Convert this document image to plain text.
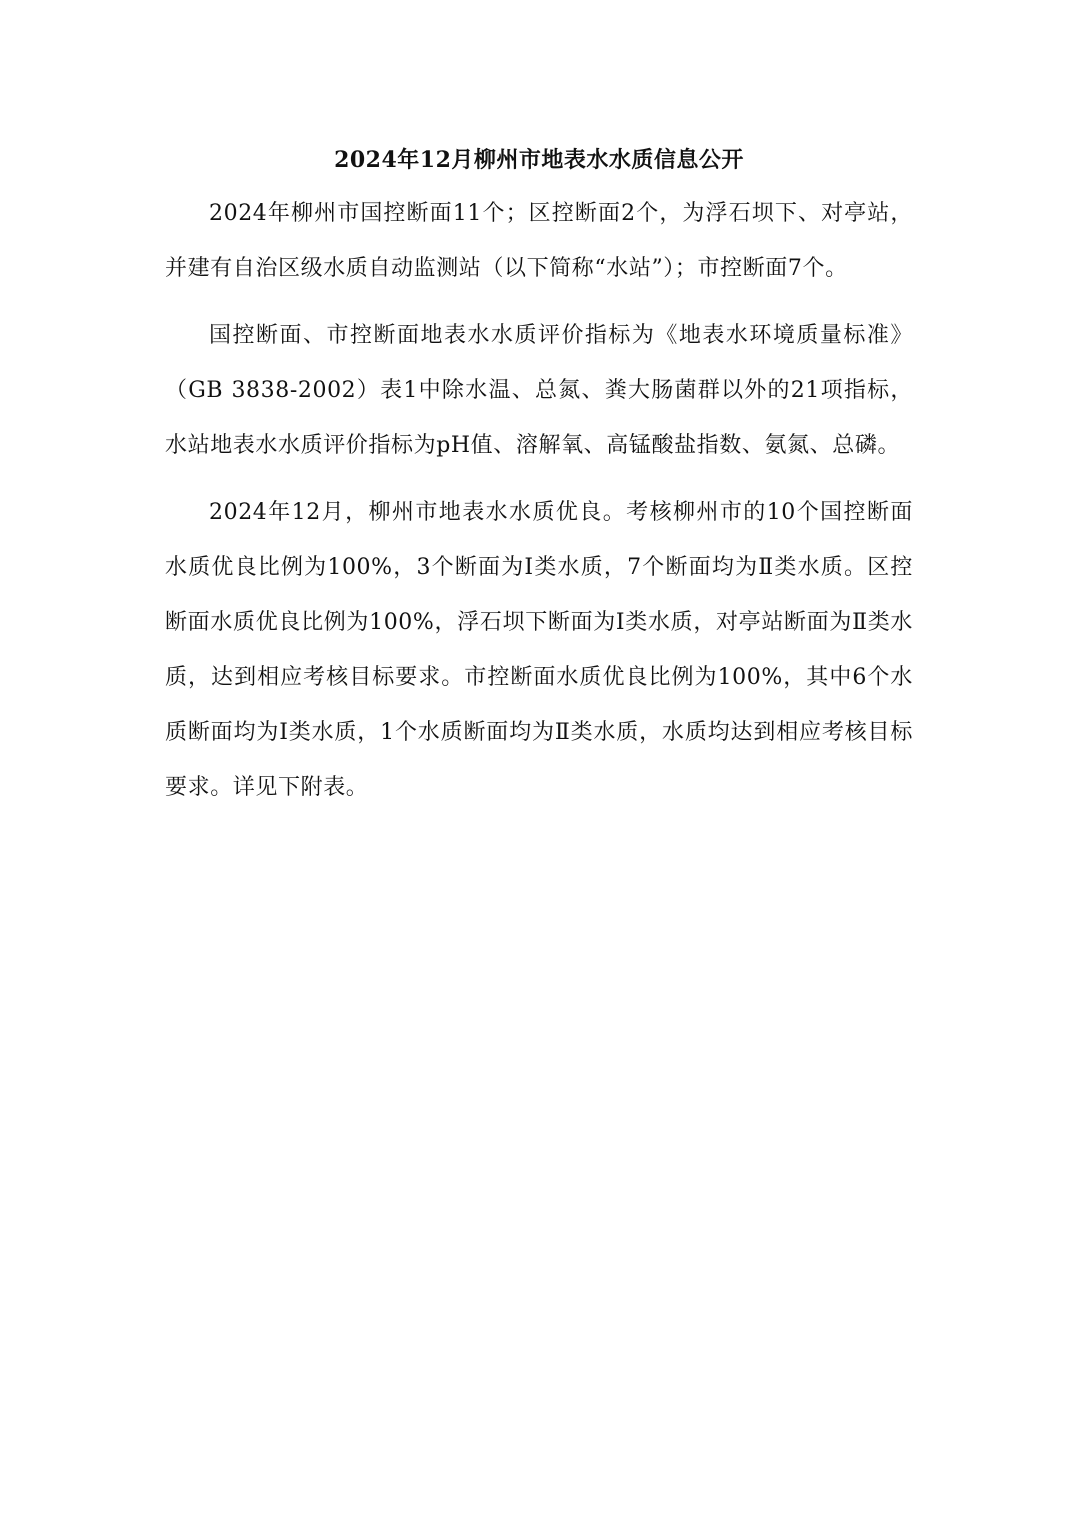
2024年12月柳州市地表水水质信息公开

2024年柳州市国控断面11个；区控断面2个，为浮石坝下、对亭站，并建有自治区级水质自动监测站（以下简称“水站”）；市控断面7个。

国控断面、市控断面地表水水质评价指标为《地表水环境质量标准》（GB 3838-2002）表1中除水温、总氮、粪大肠菌群以外的21项指标，水站地表水水质评价指标为pH值、溶解氧、高锰酸盐指数、氨氮、总磷。

2024年12月，柳州市地表水水质优良。考核柳州市的10个国控断面水质优良比例为100%，3个断面为Ⅰ类水质，7个断面均为Ⅱ类水质。区控断面水质优良比例为100%，浮石坝下断面为Ⅰ类水质，对亭站断面为Ⅱ类水质，达到相应考核目标要求。市控断面水质优良比例为100%，其中6个水质断面均为Ⅰ类水质，1个水质断面均为Ⅱ类水质，水质均达到相应考核目标要求。详见下附表。
